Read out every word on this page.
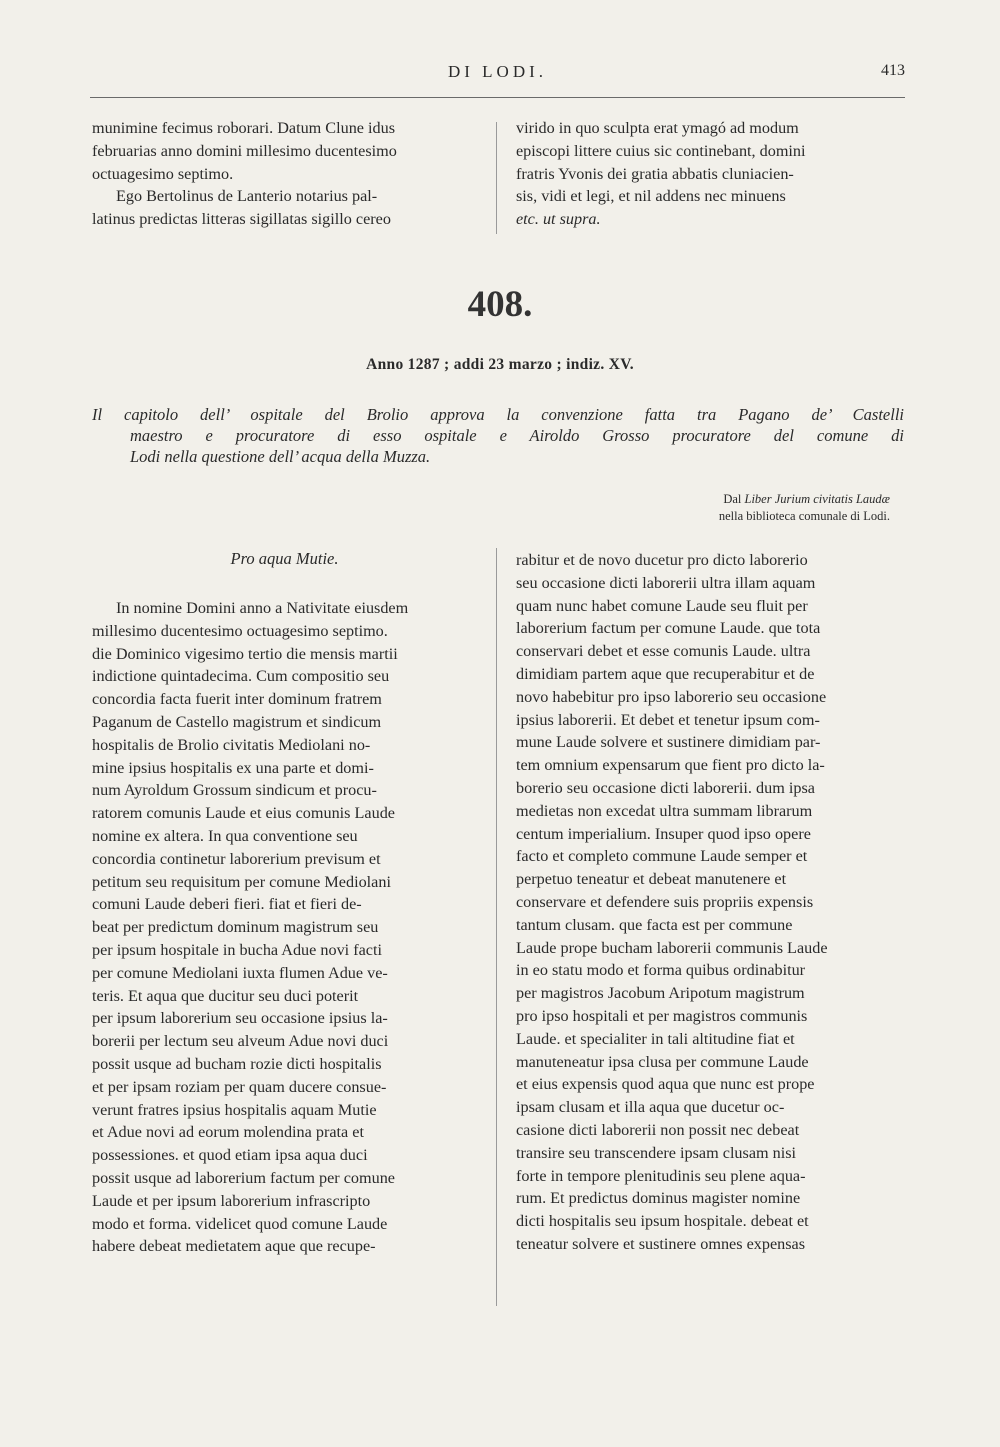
DI LODI.	413

munimine fecimus roborari. Datum Clune idus

februarias anno domini millesimo ducentesimo

octuagesimo septimo.

Ego Bertolinus de Lanterio notarius pal-

latinus predictas litteras sigillatas sigillo cereo

virido in quo sculpta erat ymagó ad modum

episcopi littere cuius sic continebant, domini

fratris Yvonis dei gratia abbatis cluniacien-

sis, vidi et legi, et nil addens nec minuens

etc. ut supra.

408.
Anno 1287 ; addi 23 marzo ; indiz. XV.
Il capitolo dell’ ospitale del Brolio approva la convenzione fatta tra Pagano de’ Castelli
maestro e procuratore di esso ospitale e Airoldo Grosso procuratore del comune di
Lodi nella questione dell’ acqua della Muzza.
Dal Liber Jurium civitatis Laudæ
nella biblioteca comunale di Lodi.
Pro aqua Mutie.

In nomine Domini anno a Nativitate eiusdem

millesimo ducentesimo octuagesimo septimo.

die Dominico vigesimo tertio die mensis martii

indictione quintadecima. Cum compositio seu

concordia facta fuerit inter dominum fratrem

Paganum de Castello magistrum et sindicum

hospitalis de Brolio civitatis Mediolani no-

mine ipsius hospitalis ex una parte et domi-

num Ayroldum Grossum sindicum et procu-

ratorem comunis Laude et eius comunis Laude

nomine ex altera. In qua conventione seu

concordia continetur laborerium previsum et

petitum seu requisitum per comune Mediolani

comuni Laude deberi fieri. fiat et fieri de-

beat per predictum dominum magistrum seu

per ipsum hospitale in bucha Adue novi facti

per comune Mediolani iuxta flumen Adue ve-

teris. Et aqua que ducitur seu duci poterit

per ipsum laborerium seu occasione ipsius la-

borerii per lectum seu alveum Adue novi duci

possit usque ad bucham rozie dicti hospitalis

et per ipsam roziam per quam ducere consue-

verunt fratres ipsius hospitalis aquam Mutie

et Adue novi ad eorum molendina prata et

possessiones. et quod etiam ipsa aqua duci

possit usque ad laborerium factum per comune

Laude et per ipsum laborerium infrascripto

modo et forma. videlicet quod comune Laude

habere debeat medietatem aque que recupe-

rabitur et de novo ducetur pro dicto laborerio

seu occasione dicti laborerii ultra illam aquam

quam nunc habet comune Laude seu fluit per

laborerium factum per comune Laude. que tota

conservari debet et esse comunis Laude. ultra

dimidiam partem aque que recuperabitur et de

novo habebitur pro ipso laborerio seu occasione

ipsius laborerii. Et debet et tenetur ipsum com-

mune Laude solvere et sustinere dimidiam par-

tem omnium expensarum que fient pro dicto la-

borerio seu occasione dicti laborerii. dum ipsa

medietas non excedat ultra summam librarum

centum imperialium. Insuper quod ipso opere

facto et completo commune Laude semper et

perpetuo teneatur et debeat manutenere et

conservare et defendere suis propriis expensis

tantum clusam. que facta est per commune

Laude prope bucham laborerii communis Laude

in eo statu modo et forma quibus ordinabitur

per magistros Jacobum Aripotum magistrum

pro ipso hospitali et per magistros communis

Laude. et specialiter in tali altitudine fiat et

manuteneatur ipsa clusa per commune Laude

et eius expensis quod aqua que nunc est prope

ipsam clusam et illa aqua que ducetur oc-

casione dicti laborerii non possit nec debeat

transire seu transcendere ipsam clusam nisi

forte in tempore plenitudinis seu plene aqua-

rum. Et predictus dominus magister nomine

dicti hospitalis seu ipsum hospitale. debeat et

teneatur solvere et sustinere omnes expensas
